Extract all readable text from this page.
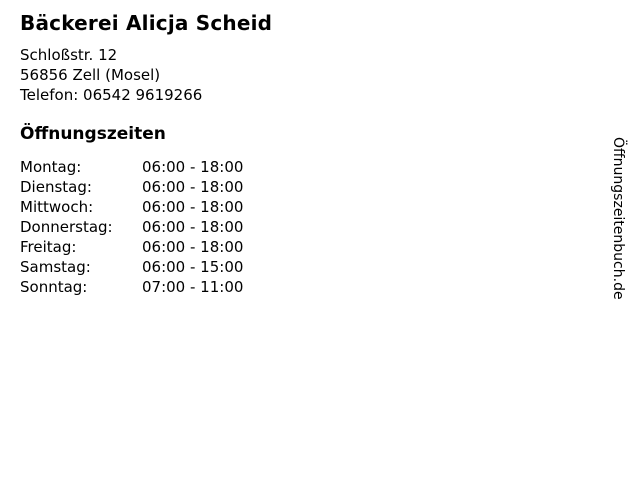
Bäckerei Alicja Scheid
Schloßstr. 12
56856 Zell (Mosel)
Telefon: 06542 9619266
Öffnungszeiten
Montag:	06:00 - 18:00
Dienstag:	06:00 - 18:00
Mittwoch:	06:00 - 18:00
Donnerstag:	06:00 - 18:00
Freitag:	06:00 - 18:00
Samstag:	06:00 - 15:00
Sonntag:	07:00 - 11:00	Öffnungszeitenbuch.de
